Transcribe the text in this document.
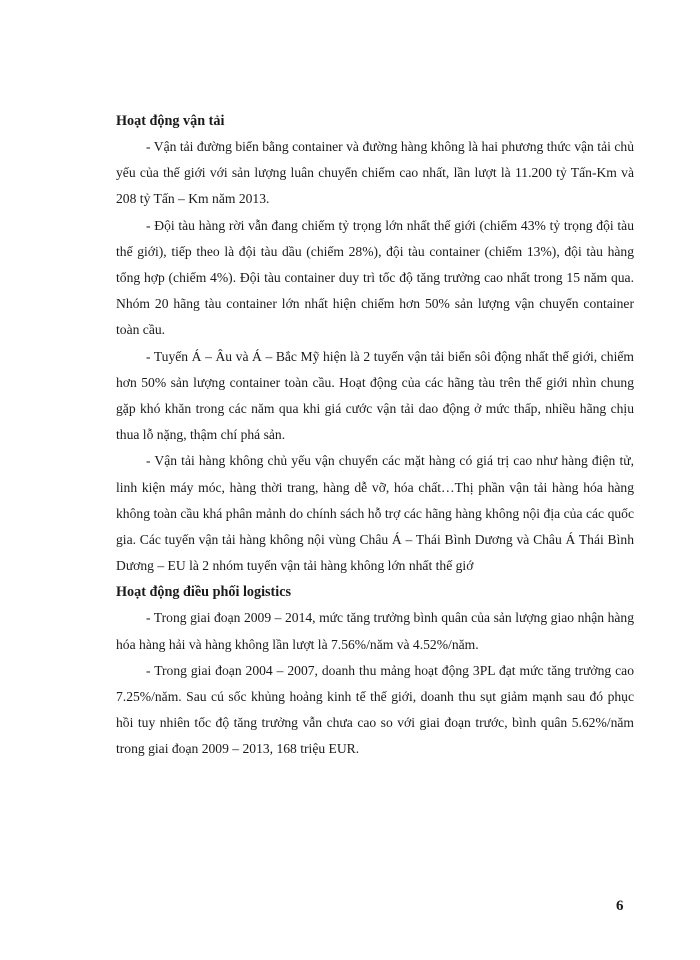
Hoạt động vận tải

- Vận tải đường biển bằng container và đường hàng không là hai phương thức vận tải chủ yếu của thế giới với sản lượng luân chuyển chiếm cao nhất, lần lượt là 11.200 tỷ Tấn-Km và 208 tỷ Tấn – Km năm 2013.

- Đội tàu hàng rời vẫn đang chiếm tỷ trọng lớn nhất thế giới (chiếm 43% tỷ trọng đội tàu thế giới), tiếp theo là đội tàu dầu (chiếm 28%), đội tàu container (chiếm 13%), đội tàu hàng tổng hợp (chiếm 4%). Đội tàu container duy trì tốc độ tăng trưởng cao nhất trong 15 năm qua. Nhóm 20 hãng tàu container lớn nhất hiện chiếm hơn 50% sản lượng vận chuyển container toàn cầu.

- Tuyến Á – Âu và Á – Bắc Mỹ hiện là 2 tuyến vận tải biển sôi động nhất thế giới, chiếm hơn 50% sản lượng container toàn cầu. Hoạt động của các hãng tàu trên thế giới nhìn chung gặp khó khăn trong các năm qua khi giá cước vận tải dao động ở mức thấp, nhiều hãng chịu thua lỗ nặng, thậm chí phá sản.

- Vận tải hàng không chủ yếu vận chuyển các mặt hàng có giá trị cao như hàng điện tử, linh kiện máy móc, hàng thời trang, hàng dễ vỡ, hóa chất…Thị phần vận tải hàng hóa hàng không toàn cầu khá phân mảnh do chính sách hỗ trợ các hãng hàng không nội địa của các quốc gia. Các tuyến vận tải hàng không nội vùng Châu Á – Thái Bình Dương và Châu Á Thái Bình Dương – EU là 2 nhóm tuyến vận tải hàng không lớn nhất thế giớ

Hoạt động điều phối logistics

- Trong giai đoạn 2009 – 2014, mức tăng trưởng bình quân của sản lượng giao nhận hàng hóa hàng hải và hàng không lần lượt là 7.56%/năm và 4.52%/năm.

- Trong giai đoạn 2004 – 2007, doanh thu mảng hoạt động 3PL đạt mức tăng trưởng cao 7.25%/năm. Sau cú sốc khủng hoảng kinh tế thế giới, doanh thu sụt giảm mạnh sau đó phục hồi tuy nhiên tốc độ tăng trưởng vẫn chưa cao so với giai đoạn trước, bình quân 5.62%/năm trong giai đoạn 2009 – 2013, 168 triệu EUR.

6
